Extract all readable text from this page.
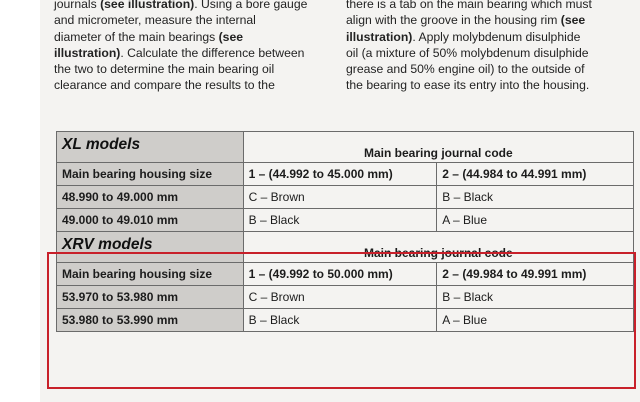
journals (see illustration). Using a bore gauge

and micrometer, measure the internal

diameter of the main bearings (see

illustration). Calculate the difference between

the two to determine the main bearing oil

clearance and compare the results to the

there is a tab on the main bearing which must

align with the groove in the housing rim (see

illustration). Apply molybdenum disulphide

oil (a mixture of 50% molybdenum disulphide

grease and 50% engine oil) to the outside of

the bearing to ease its entry into the housing.

XL models	Main bearing journal code	
Main bearing housing size	1 – (44.992 to 45.000 mm)	2 – (44.984 to 44.991 mm)
48.990 to 49.000 mm	C – Brown	B – Black
49.000 to 49.010 mm	B – Black	A – Blue
XRV models	Main bearing journal code	
Main bearing housing size	1 – (49.992 to 50.000 mm)	2 – (49.984 to 49.991 mm)
53.970 to 53.980 mm	C – Brown	B – Black
53.980 to 53.990 mm	B – Black	A – Blue
